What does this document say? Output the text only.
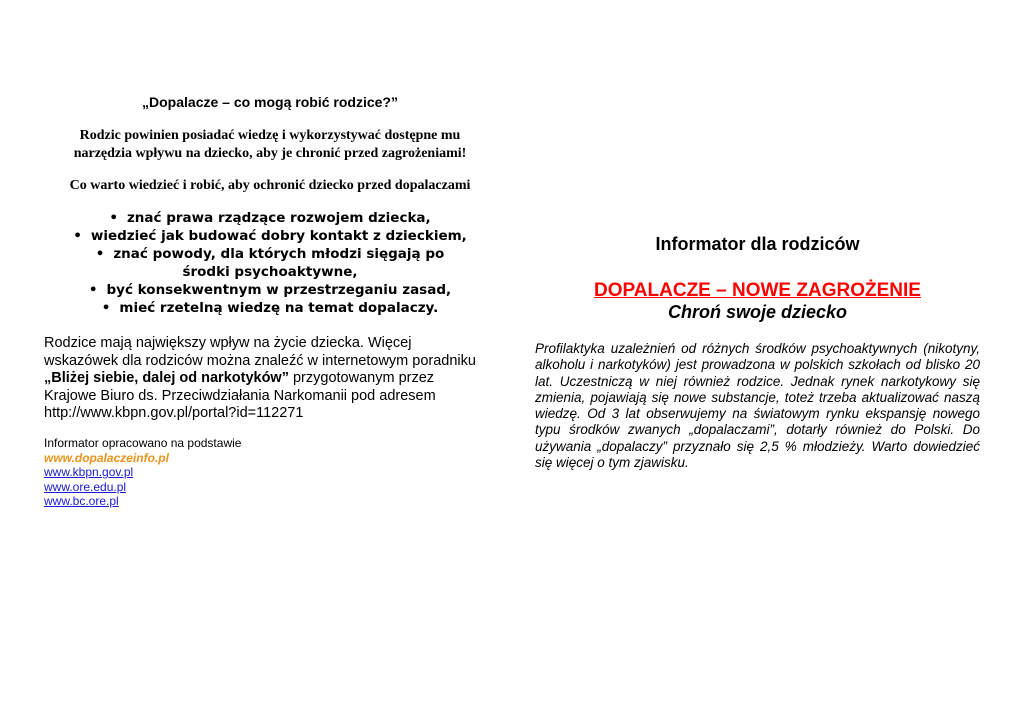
„Dopalacze – co mogą robić rodzice?”
Rodzic powinien posiadać wiedzę i wykorzystywać dostępne mu
narzędzia wpływu na dziecko, aby je chronić przed zagrożeniami!
Co warto wiedzieć i robić, aby ochronić dziecko przed dopalaczami
• znać prawa rządzące rozwojem dziecka,
• wiedzieć jak budować dobry kontakt z dzieckiem,
• znać powody, dla których młodzi sięgają po środki psychoaktywne,
• być konsekwentnym w przestrzeganiu zasad,
• mieć rzetelną wiedzę na temat dopalaczy.
Rodzice mają największy wpływ na życie dziecka. Więcej wskazówek dla rodziców można znaleźć w internetowym poradniku „Bliżej siebie, dalej od narkotyków” przygotowanym przez Krajowe Biuro ds. Przeciwdziałania Narkomanii pod adresem http://www.kbpn.gov.pl/portal?id=112271
Informator opracowano na podstawie
www.dopalaczeinfo.pl
www.kbpn.gov.pl
www.ore.edu.pl
www.bc.ore.pl
Informator dla rodziców
DOPALACZE – NOWE ZAGROŻENIE
Chroń swoje dziecko
Profilaktyka uzależnień od różnych środków psychoaktywnych (nikotyny, alkoholu i narkotyków) jest prowadzona w polskich szkołach od blisko 20 lat. Uczestniczą w niej również rodzice. Jednak rynek narkotykowy się zmienia, pojawiają się nowe substancje, toteż trzeba aktualizować naszą wiedzę. Od 3 lat obserwujemy na światowym rynku ekspansję nowego typu środków zwanych „dopalaczami”, dotarły również do Polski. Do używania „dopalaczy” przyznało się 2,5 % młodzieży. Warto dowiedzieć się więcej o tym zjawisku.
